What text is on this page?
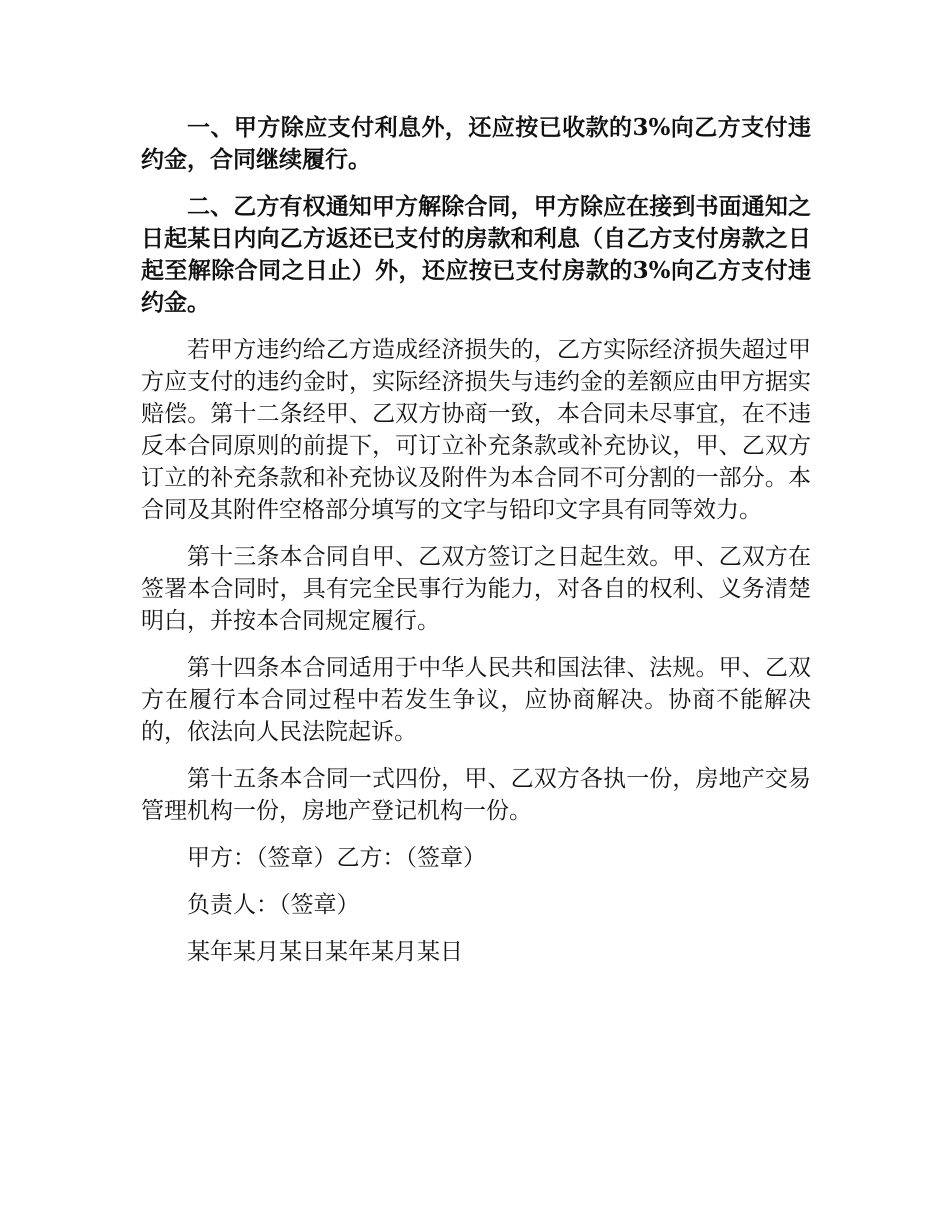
一、甲方除应支付利息外，还应按已收款的3%向乙方支付违约金，合同继续履行。

二、乙方有权通知甲方解除合同，甲方除应在接到书面通知之日起某日内向乙方返还已支付的房款和利息（自乙方支付房款之日起至解除合同之日止）外，还应按已支付房款的3%向乙方支付违约金。

若甲方违约给乙方造成经济损失的，乙方实际经济损失超过甲方应支付的违约金时，实际经济损失与违约金的差额应由甲方据实赔偿。第十二条经甲、乙双方协商一致，本合同未尽事宜，在不违反本合同原则的前提下，可订立补充条款或补充协议，甲、乙双方订立的补充条款和补充协议及附件为本合同不可分割的一部分。本合同及其附件空格部分填写的文字与铅印文字具有同等效力。

第十三条本合同自甲、乙双方签订之日起生效。甲、乙双方在签署本合同时，具有完全民事行为能力，对各自的权利、义务清楚明白，并按本合同规定履行。

第十四条本合同适用于中华人民共和国法律、法规。甲、乙双方在履行本合同过程中若发生争议，应协商解决。协商不能解决的，依法向人民法院起诉。

第十五条本合同一式四份，甲、乙双方各执一份，房地产交易管理机构一份，房地产登记机构一份。

甲方：（签章）乙方：（签章）

负责人：（签章）

某年某月某日某年某月某日
